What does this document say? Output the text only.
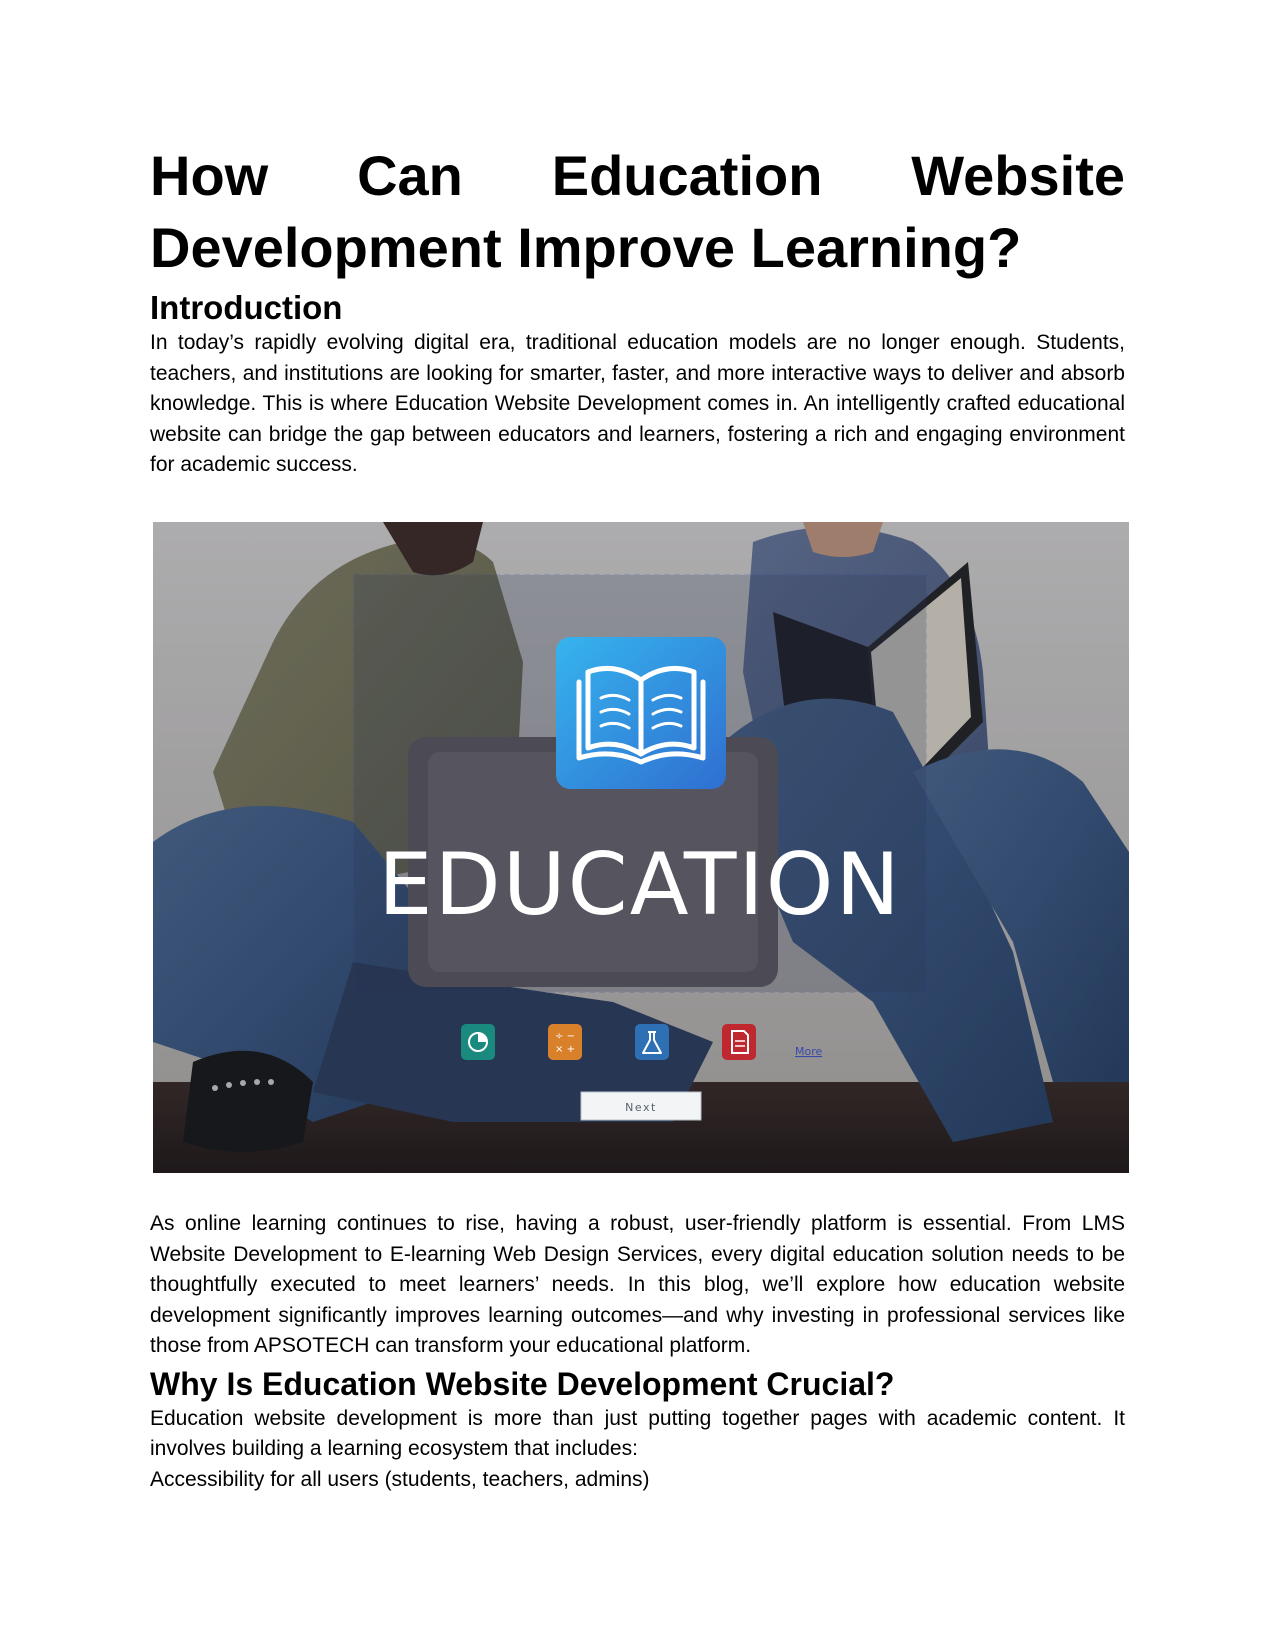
How Can Education Website Development Improve Learning?
Introduction

In today’s rapidly evolving digital era, traditional education models are no longer enough. Students, teachers, and institutions are looking for smarter, faster, and more interactive ways to deliver and absorb knowledge. This is where Education Website Development comes in. An intelligently crafted educational website can bridge the gap between educators and learners, fostering a rich and engaging environment for academic success.

EDUCATION
÷ −
× +	More
Next

As online learning continues to rise, having a robust, user-friendly platform is essential. From LMS Website Development to E-learning Web Design Services, every digital education solution needs to be thoughtfully executed to meet learners’ needs. In this blog, we’ll explore how education website development significantly improves learning outcomes—and why investing in professional services like those from APSOTECH can transform your educational platform.

Why Is Education Website Development Crucial?

Education website development is more than just putting together pages with academic content. It involves building a learning ecosystem that includes:

Accessibility for all users (students, teachers, admins)
